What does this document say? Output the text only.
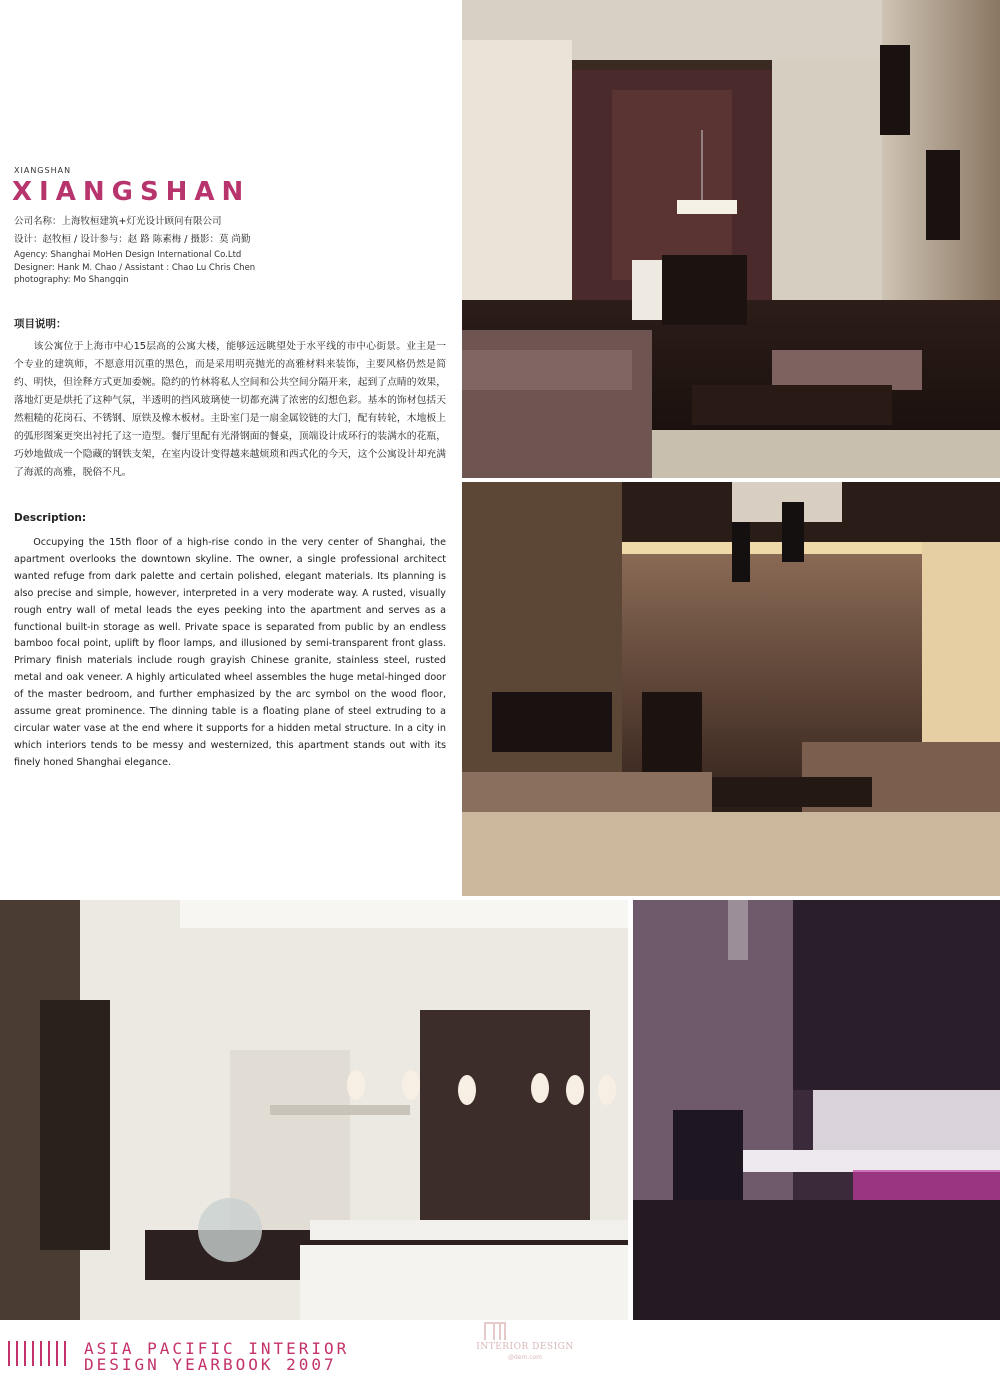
XIANGSHAN
XIANGSHAN
公司名称：上海牧桓建筑+灯光设计顾问有限公司
设计：赵牧桓 / 设计参与：赵 路 陈素梅 / 摄影：莫 尚勤
Agency: Shanghai MoHen Design International Co.Ltd
Designer: Hank M. Chao / Assistant : Chao Lu Chris Chen
photography: Mo Shangqin
项目说明：

该公寓位于上海市中心15层高的公寓大楼，能够远远眺望处于水平线的市中心街景。业主是一个专业的建筑师，不愿意用沉重的黑色，而是采用明亮抛光的高雅材料来装饰，主要风格仍然是简约、明快，但诠释方式更加委婉。隐约的竹林将私人空间和公共空间分隔开来，起到了点睛的效果，落地灯更是烘托了这种气氛，半透明的挡风玻璃使一切都充满了浓密的幻想色彩。基本的饰材包括天然粗糙的花岗石、不锈钢、原铁及橡木板材。主卧室门是一扇金属铰链的大门，配有转轮，木地板上的弧形图案更突出衬托了这一造型。餐厅里配有光滑钢面的餐桌，顶端设计成环行的装满水的花瓶，巧妙地做成一个隐藏的钢铁支架，在室内设计变得越来越烦琐和西式化的今天，这个公寓设计却充满了海派的高雅，脱俗不凡。

Description:

Occupying the 15th floor of a high-rise condo in the very center of Shanghai, the apartment overlooks the downtown skyline. The owner, a single professional architect wanted refuge from dark palette and certain polished, elegant materials. Its planning is also precise and simple, however, interpreted in a very moderate way. A rusted, visually rough entry wall of metal leads the eyes peeking into the apartment and serves as a functional built-in storage as well. Private space is separated from public by an endless bamboo focal point, uplift by floor lamps, and illusioned by semi-transparent front glass. Primary finish materials include rough grayish Chinese granite, stainless steel, rusted metal and oak veneer. A highly articulated wheel assembles the huge metal-hinged door of the master bedroom, and further emphasized by the arc symbol on the wood floor, assume great prominence. The dinning table is a floating plane of steel extruding to a circular water vase at the end where it supports for a hidden metal structure. In a city in which interiors tends to be messy and westernized, this apartment stands out with its finely honed Shanghai elegance.

ASIA PACIFIC INTERIOR
DESIGN YEARBOOK 2007
INTERIOR DESIGN
@dem.com
